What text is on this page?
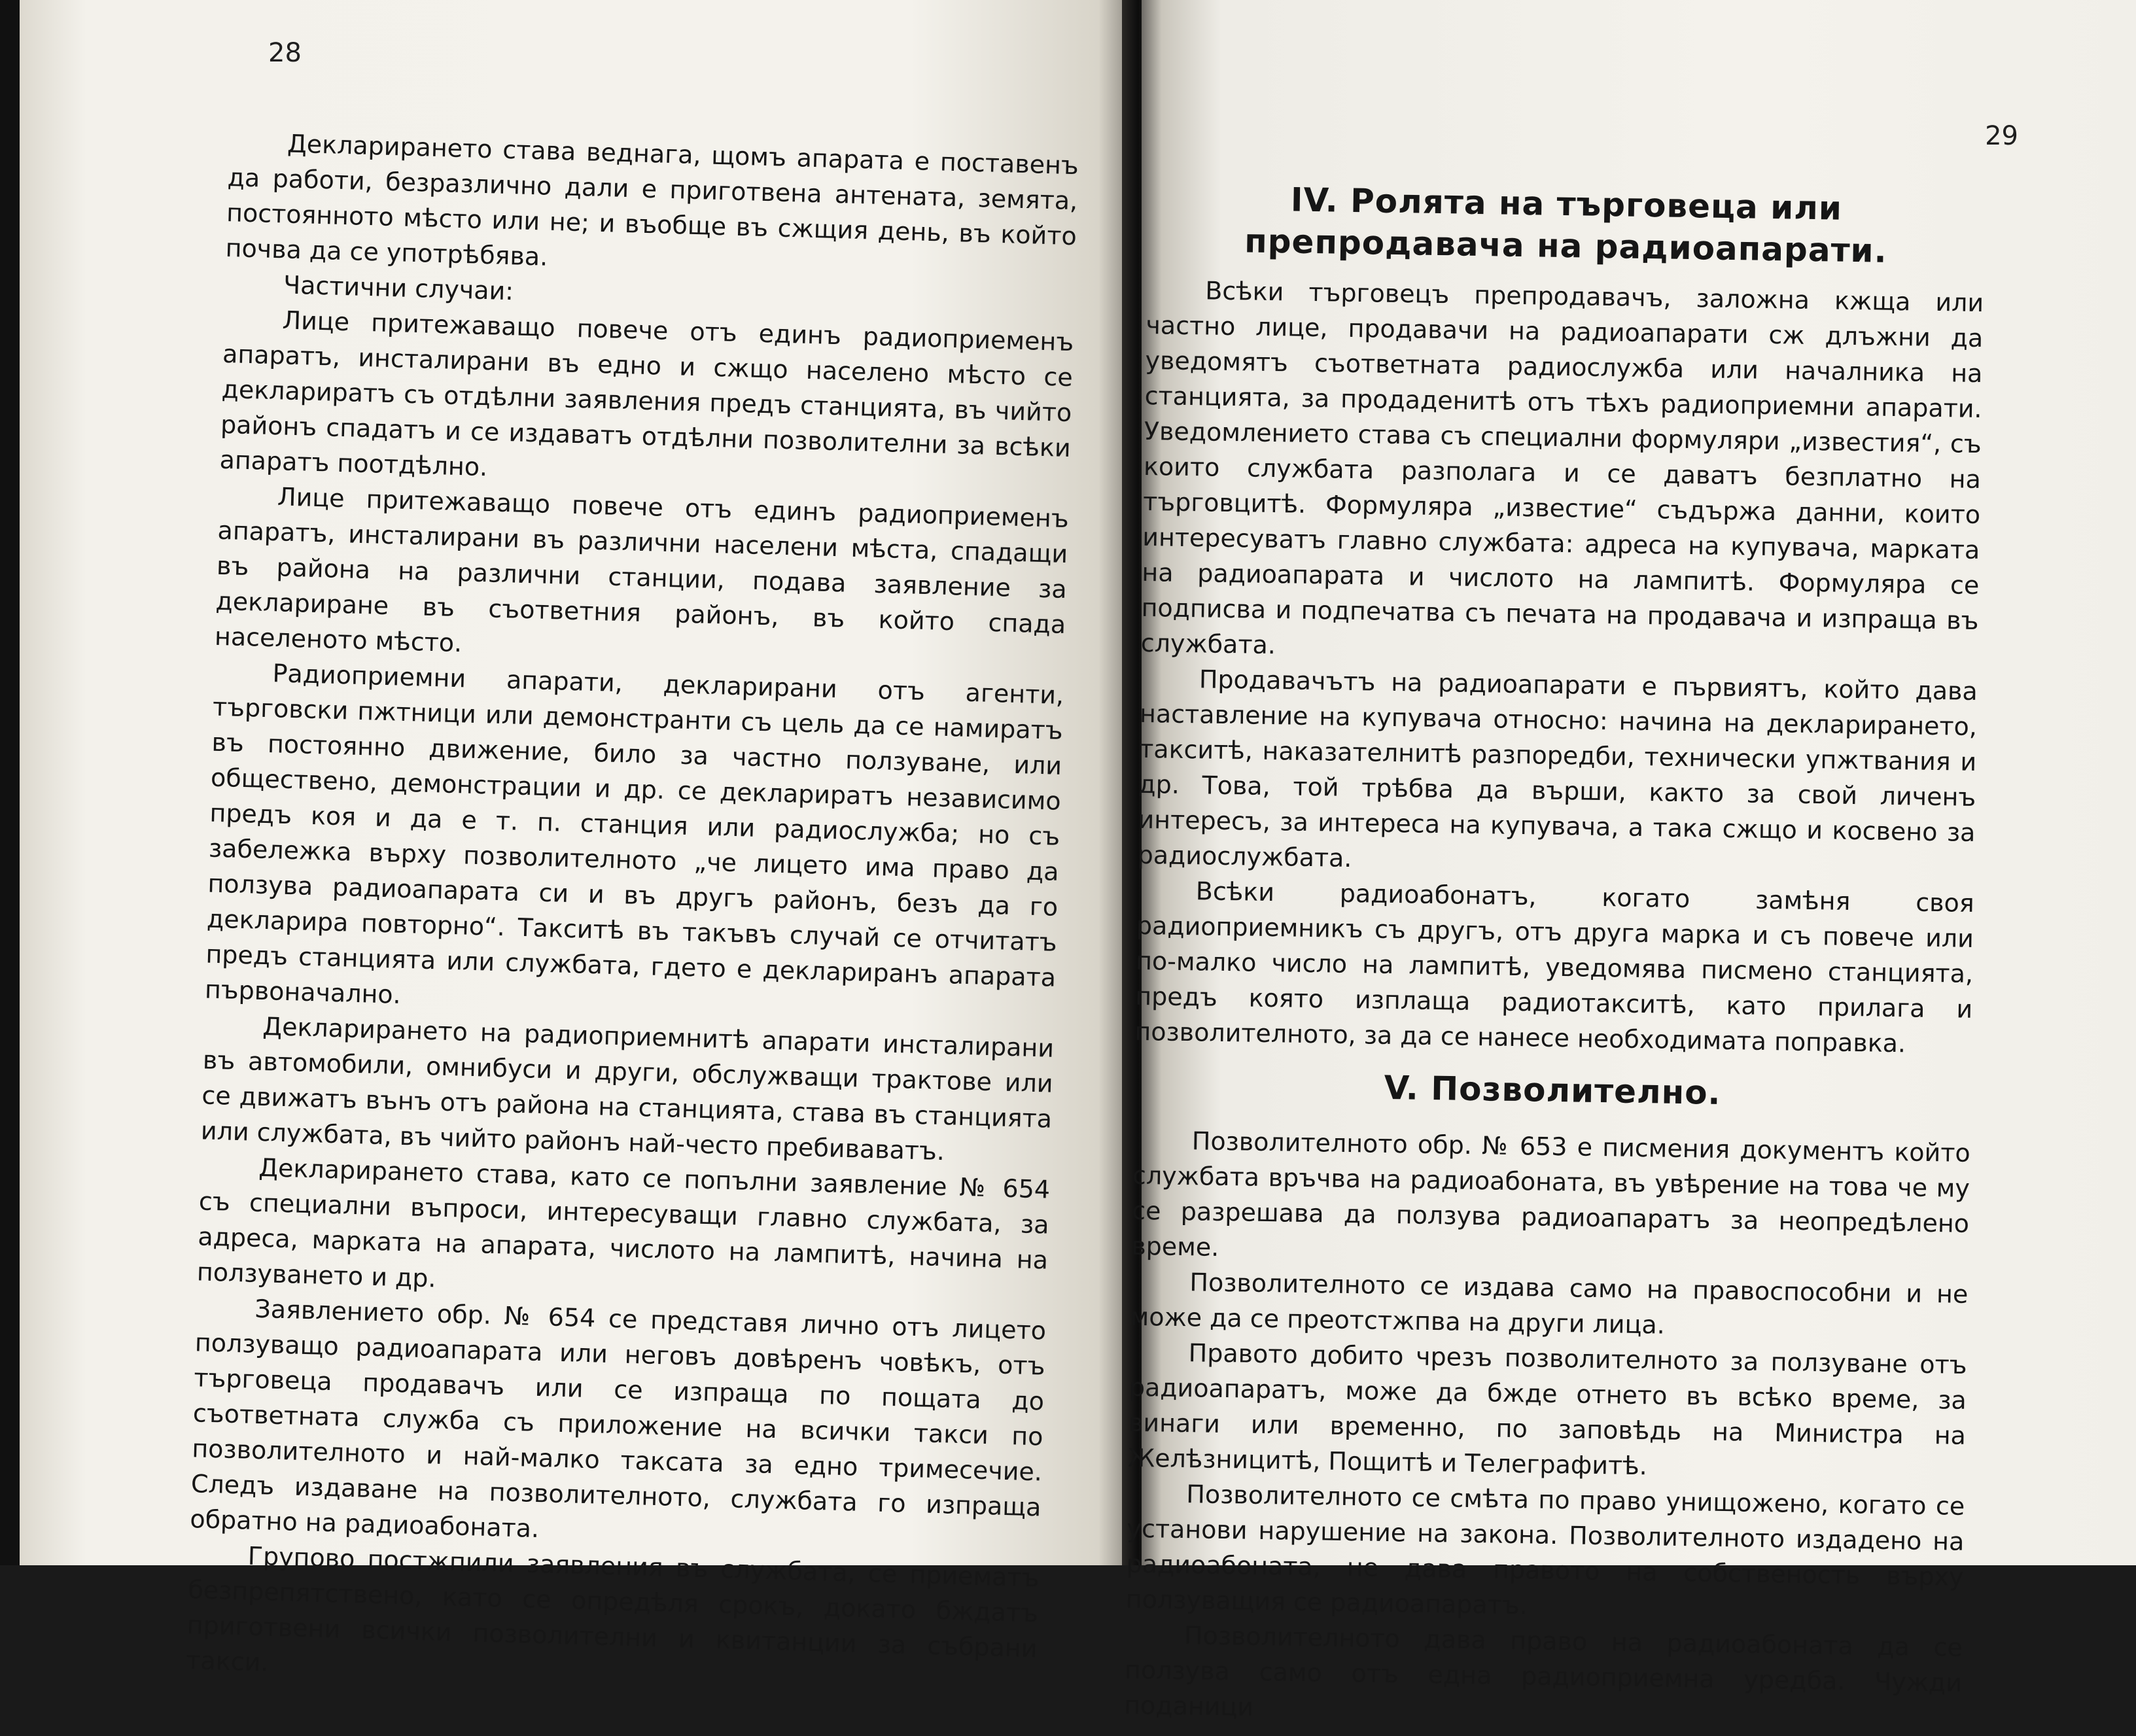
28

Декларирането става веднага, щомъ апарата е поставенъ да работи, безразлично дали е приготвена антената, земята, постоянното мѣсто или не; и въобще въ сжщия день, въ който почва да се употрѣбява.

Частични случаи:

Лице притежаващо повече отъ единъ радиоприеменъ апаратъ, инсталирани въ едно и сжщо населено мѣсто се деклариратъ съ отдѣлни заявления предъ станцията, въ чийто районъ спадатъ и се издаватъ отдѣлни позволителни за всѣки апаратъ поотдѣлно.

Лице притежаващо повече отъ единъ радиоприеменъ апаратъ, инсталирани въ различни населени мѣста, спадащи въ района на различни станции, подава заявление за деклариране въ съответния районъ, въ който спада населеното мѣсто.

Радиоприемни апарати, декларирани отъ агенти, търговски пжтници или демонстранти съ цель да се намиратъ въ постоянно движение, било за частно ползуване, или обществено, демонстрации и др. се деклариратъ независимо предъ коя и да е т. п. станция или радиослужба; но съ забележка върху позволителното „че лицето има право да ползува радиоапарата си и въ другъ районъ, безъ да го декларира повторно“. Такситѣ въ такъвъ случай се отчитатъ предъ станцията или службата, гдето е деклариранъ апарата първоначално.

Декларирането на радиоприемнитѣ апарати инсталирани въ автомобили, омнибуси и други, обслужващи трактове или се движатъ вънъ отъ района на станцията, става въ станцията или службата, въ чийто районъ най-често пребиваватъ.

Декларирането става, като се попълни заявление № 654 съ специални въпроси, интересуващи главно службата, за адреса, марката на апарата, числото на лампитѣ, начина на ползуването и др.

Заявлението обр. № 654 се представя лично отъ лицето ползуващо радиоапарата или неговъ довѣренъ човѣкъ, отъ търговеца продавачъ или се изпраща по пощата до съответната служба съ приложение на всички такси по позволителното и най-малко таксата за едно тримесечие. Следъ издаване на позволителното, службата го изпраща обратно на радиоабоната.

Групово постжпили заявления въ службата, се приематъ безпрепятствено, като се опредѣля срокъ, докато бждатъ приготвени всички позволителни и квитанции за събрани такси.

29
IV. Ролята на търговеца или препродавача на радиоапарати.

Всѣки търговецъ препродавачъ, заложна кжща или частно лице, продавачи на радиоапарати сж длъжни да уведомятъ съответната радиослужба или началника на станцията, за продаденитѣ отъ тѣхъ радиоприемни апарати. Уведомлението става съ специални формуляри „известия“, съ които службата разполага и се даватъ безплатно на търговцитѣ. Формуляра „известие“ съдържа данни, които интересуватъ главно службата: адреса на купувача, марката на радиоапарата и числото на лампитѣ. Формуляра се подписва и подпечатва съ печата на продавача и изпраща въ службата.

Продавачътъ на радиоапарати е първиятъ, който дава наставление на купувача относно: начина на декларирането, такситѣ, наказателнитѣ разпоредби, технически упжтвания и др. Това, той трѣбва да върши, както за свой личенъ интересъ, за интереса на купувача, а така сжщо и косвено за радиослужбата.

Всѣки радиоабонатъ, когато замѣня своя радиоприемникъ съ другъ, отъ друга марка и съ повече или по-малко число на лампитѣ, уведомява писмено станцията, предъ която изплаща радиотакситѣ, като прилага и позволителното, за да се нанесе необходимата поправка.

V. Позволително.

Позволителното обр. № 653 е писмения документъ който службата връчва на радиоабоната, въ увѣрение на това че му се разрешава да ползува радиоапаратъ за неопредѣлено време.

Позволителното се издава само на правоспособни и не може да се преотстжпва на други лица.

Правото добито чрезъ позволителното за ползуване отъ радиоапаратъ, може да бжде отнето въ всѣко време, за винаги или временно, по заповѣдь на Министра на Желѣзницитѣ, Пощитѣ и Телеграфитѣ.

Позволителното се смѣта по право унищожено, когато се установи нарушение на закона. Позволителното издадено на радиоабоната, не дава правото на собственость върху ползуващия се радиоапаратъ.

Позволителното дава право на радиоабоната да се ползува само отъ една радиоприемна уредба. Чужди поданици
